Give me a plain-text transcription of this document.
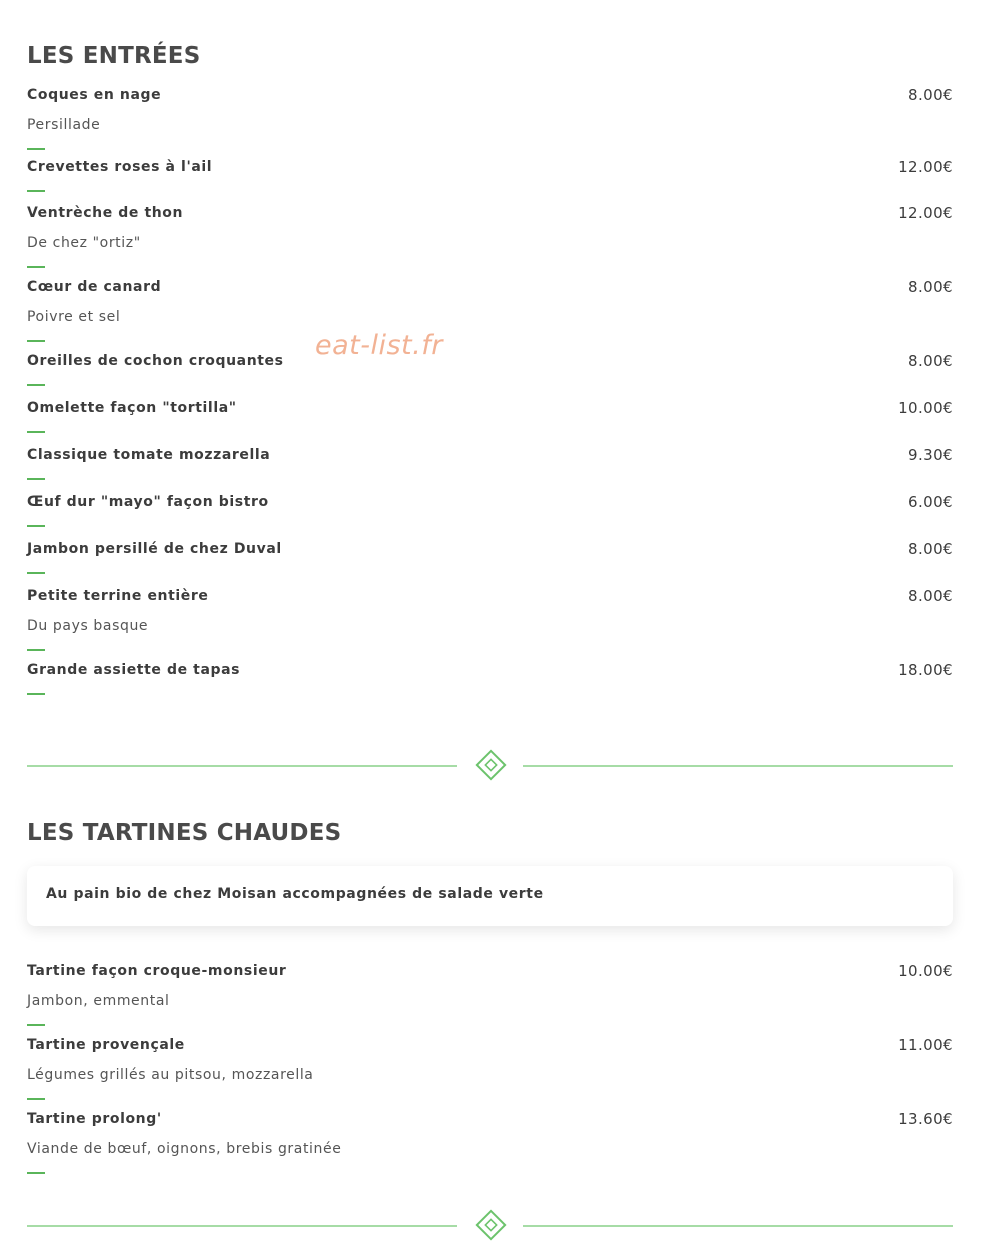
LES ENTRÉES
Coques en nage	8.00€
Persillade
Crevettes roses à l'ail	12.00€
Ventrèche de thon	12.00€
De chez "ortiz"
Cœur de canard	8.00€
Poivre et sel
Oreilles de cochon croquantes	8.00€
Omelette façon "tortilla"	10.00€
Classique tomate mozzarella	9.30€
Œuf dur "mayo" façon bistro	6.00€
Jambon persillé de chez Duval	8.00€
Petite terrine entière	8.00€
Du pays basque
Grande assiette de tapas	18.00€
eat-list.fr
LES TARTINES CHAUDES
Au pain bio de chez Moisan accompagnées de salade verte
Tartine façon croque-monsieur	10.00€
Jambon, emmental
Tartine provençale	11.00€
Légumes grillés au pitsou, mozzarella
Tartine prolong'	13.60€
Viande de bœuf, oignons, brebis gratinée
